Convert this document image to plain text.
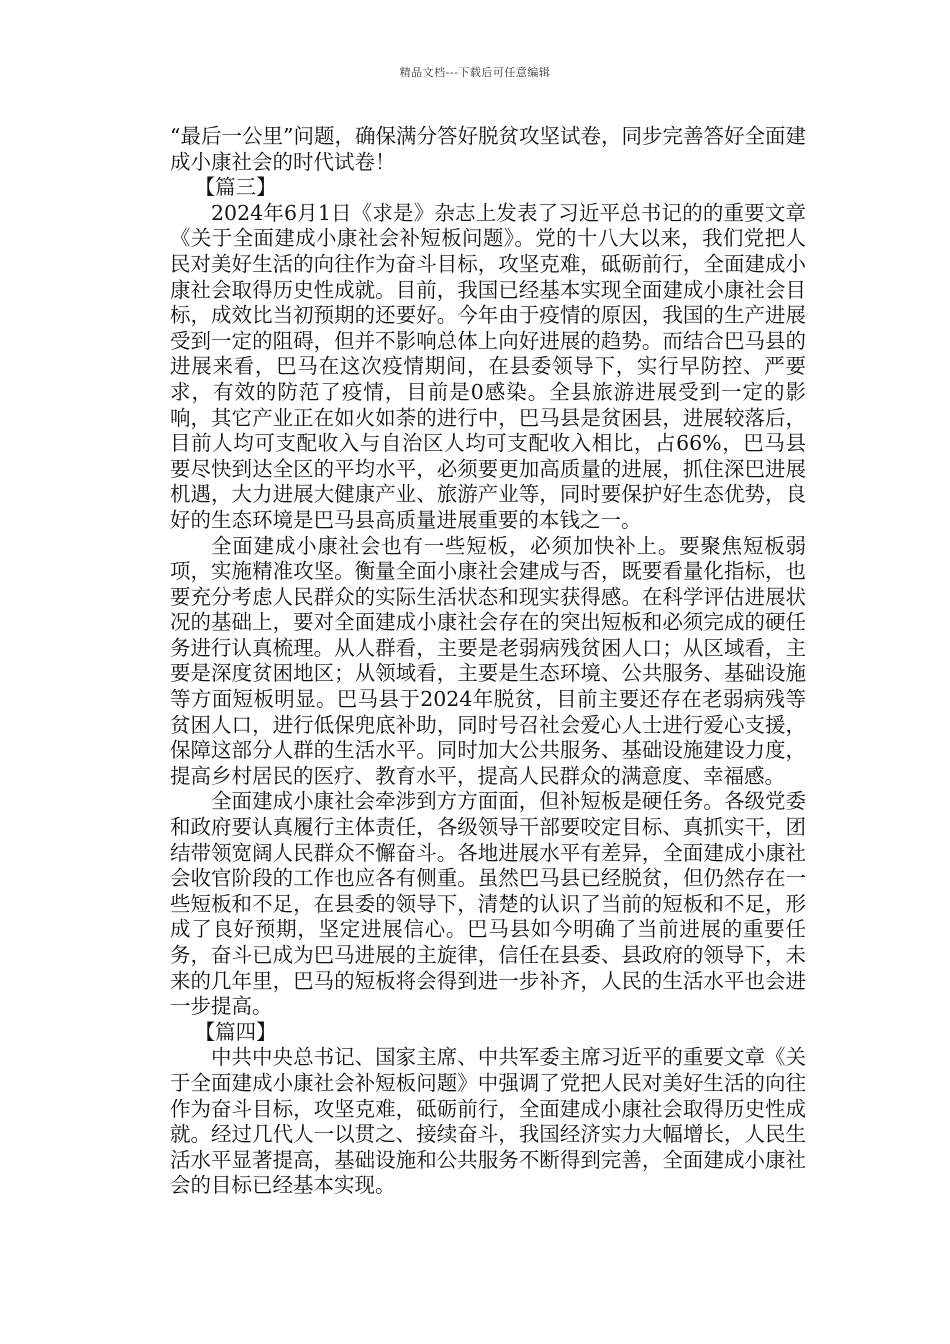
精品文档---下载后可任意编辑

“最后一公里”问题，确保满分答好脱贫攻坚试卷，同步完善答好全面建成小康社会的时代试卷！

【篇三】

2024年6月1日《求是》杂志上发表了习近平总书记的的重要文章《关于全面建成小康社会补短板问题》。党的十八大以来，我们党把人民对美好生活的向往作为奋斗目标，攻坚克难，砥砺前行，全面建成小康社会取得历史性成就。目前，我国已经基本实现全面建成小康社会目标，成效比当初预期的还要好。今年由于疫情的原因，我国的生产进展受到一定的阻碍，但并不影响总体上向好进展的趋势。而结合巴马县的进展来看，巴马在这次疫情期间，在县委领导下，实行早防控、严要求，有效的防范了疫情，目前是0感染。全县旅游进展受到一定的影响，其它产业正在如火如荼的进行中，巴马县是贫困县，进展较落后，目前人均可支配收入与自治区人均可支配收入相比，占66%，巴马县要尽快到达全区的平均水平，必须要更加高质量的进展，抓住深巴进展机遇，大力进展大健康产业、旅游产业等，同时要保护好生态优势，良好的生态环境是巴马县高质量进展重要的本钱之一。

全面建成小康社会也有一些短板，必须加快补上。要聚焦短板弱项，实施精准攻坚。衡量全面小康社会建成与否，既要看量化指标，也要充分考虑人民群众的实际生活状态和现实获得感。在科学评估进展状况的基础上，要对全面建成小康社会存在的突出短板和必须完成的硬任务进行认真梳理。从人群看，主要是老弱病残贫困人口；从区域看，主要是深度贫困地区；从领域看，主要是生态环境、公共服务、基础设施等方面短板明显。巴马县于2024年脱贫，目前主要还存在老弱病残等贫困人口，进行低保兜底补助，同时号召社会爱心人士进行爱心支援，保障这部分人群的生活水平。同时加大公共服务、基础设施建设力度，提高乡村居民的医疗、教育水平，提高人民群众的满意度、幸福感。

全面建成小康社会牵涉到方方面面，但补短板是硬任务。各级党委和政府要认真履行主体责任，各级领导干部要咬定目标、真抓实干，团结带领宽阔人民群众不懈奋斗。各地进展水平有差异，全面建成小康社会收官阶段的工作也应各有侧重。虽然巴马县已经脱贫，但仍然存在一些短板和不足，在县委的领导下，清楚的认识了当前的短板和不足，形成了良好预期，坚定进展信心。巴马县如今明确了当前进展的重要任务，奋斗已成为巴马进展的主旋律，信任在县委、县政府的领导下，未来的几年里，巴马的短板将会得到进一步补齐，人民的生活水平也会进一步提高。

【篇四】

中共中央总书记、国家主席、中共军委主席习近平的重要文章《关于全面建成小康社会补短板问题》中强调了党把人民对美好生活的向往作为奋斗目标，攻坚克难，砥砺前行，全面建成小康社会取得历史性成就。经过几代人一以贯之、接续奋斗，我国经济实力大幅增长，人民生活水平显著提高，基础设施和公共服务不断得到完善，全面建成小康社会的目标已经基本实现。
